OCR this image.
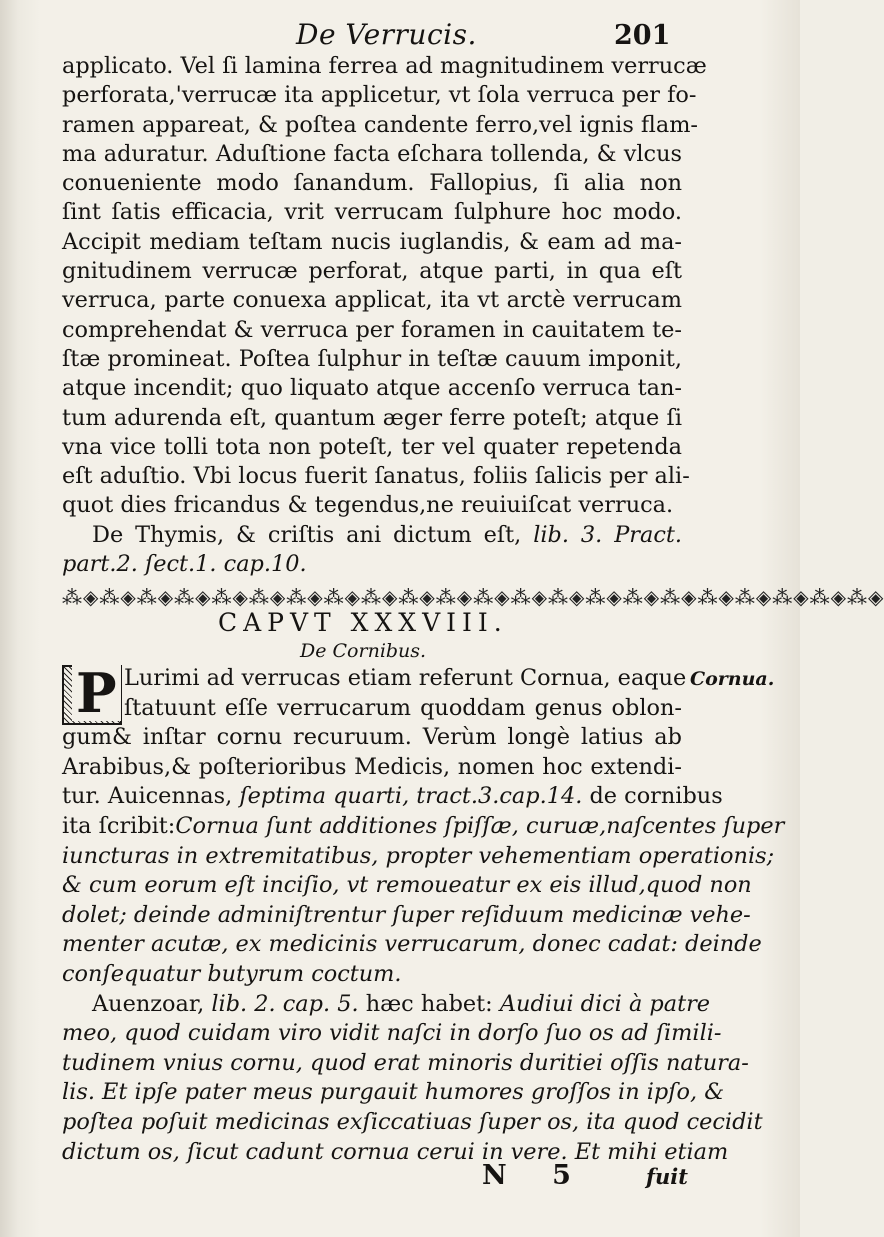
De Verrucis.	201
applicato. Vel ſi lamina ferrea ad magnitudinem verrucæ
perforata,'verrucæ ita applicetur, vt ſola verruca per fo-
ramen appareat, & poſtea candente ferro,vel ignis flam-
ma aduratur. Aduſtione facta eſchara tollenda, & vlcus
conueniente modo ſanandum. Fallopius, ſi alia non
ſint ſatis efficacia, vrit verrucam ſulphure hoc modo.
Accipit mediam teſtam nucis iuglandis, & eam ad ma-
gnitudinem verrucæ perforat, atque parti, in qua eſt
verruca, parte conuexa applicat, ita vt arctè verrucam
comprehendat & verruca per foramen in cauitatem te-
ſtæ promineat. Poſtea ſulphur in teſtæ cauum imponit,
atque incendit; quo liquato atque accenſo verruca tan-
tum adurenda eſt, quantum æger ferre poteſt; atque ſi
vna vice tolli tota non poteſt, ter vel quater repetenda
eſt aduſtio. Vbi locus fuerit ſanatus, foliis ſalicis per ali-
quot dies fricandus & tegendus,ne reuiuiſcat verruca.
De Thymis, & criſtis ani dictum eſt, lib. 3. Pract.
part.2. ſect.1. cap.10.
⁂◈⁂◈⁂◈⁂◈⁂◈⁂◈⁂◈⁂◈⁂◈⁂◈⁂◈⁂◈⁂◈⁂◈⁂◈⁂◈⁂◈⁂◈⁂◈⁂◈⁂◈⁂◈
CAPVT XXXVIII.
De Cornibus.
Cornua.
P Lurimi ad verrucas etiam referunt Cornua, eaque
ſtatuunt eſſe verrucarum quoddam genus oblon-
gum& inſtar cornu recuruum. Verùm longè latius ab
Arabibus,& poſterioribus Medicis, nomen hoc extendi-
tur. Auicennas, ſeptima quarti, tract.3.cap.14. de cornibus
ita ſcribit:Cornua ſunt additiones ſpiſſæ, curuæ,naſcentes ſuper
iuncturas in extremitatibus, propter vehementiam operationis;
& cum eorum eſt inciſio, vt remoueatur ex eis illud,quod non
dolet; deinde adminiſtrentur ſuper reſiduum medicinæ vehe-
menter acutæ, ex medicinis verrucarum, donec cadat: deinde
conſequatur butyrum coctum.
Auenzoar, lib. 2. cap. 5. hæc habet: Audiui dici à patre
meo, quod cuidam viro vidit naſci in dorſo ſuo os ad ſimili-
tudinem vnius cornu, quod erat minoris duritiei oſſis natura-
lis. Et ipſe pater meus purgauit humores groſſos in ipſo, &
poſtea poſuit medicinas exſiccatiuas ſuper os, ita quod cecidit
dictum os, ſicut cadunt cornua cerui in vere. Et mihi etiam
N 5	fuit
